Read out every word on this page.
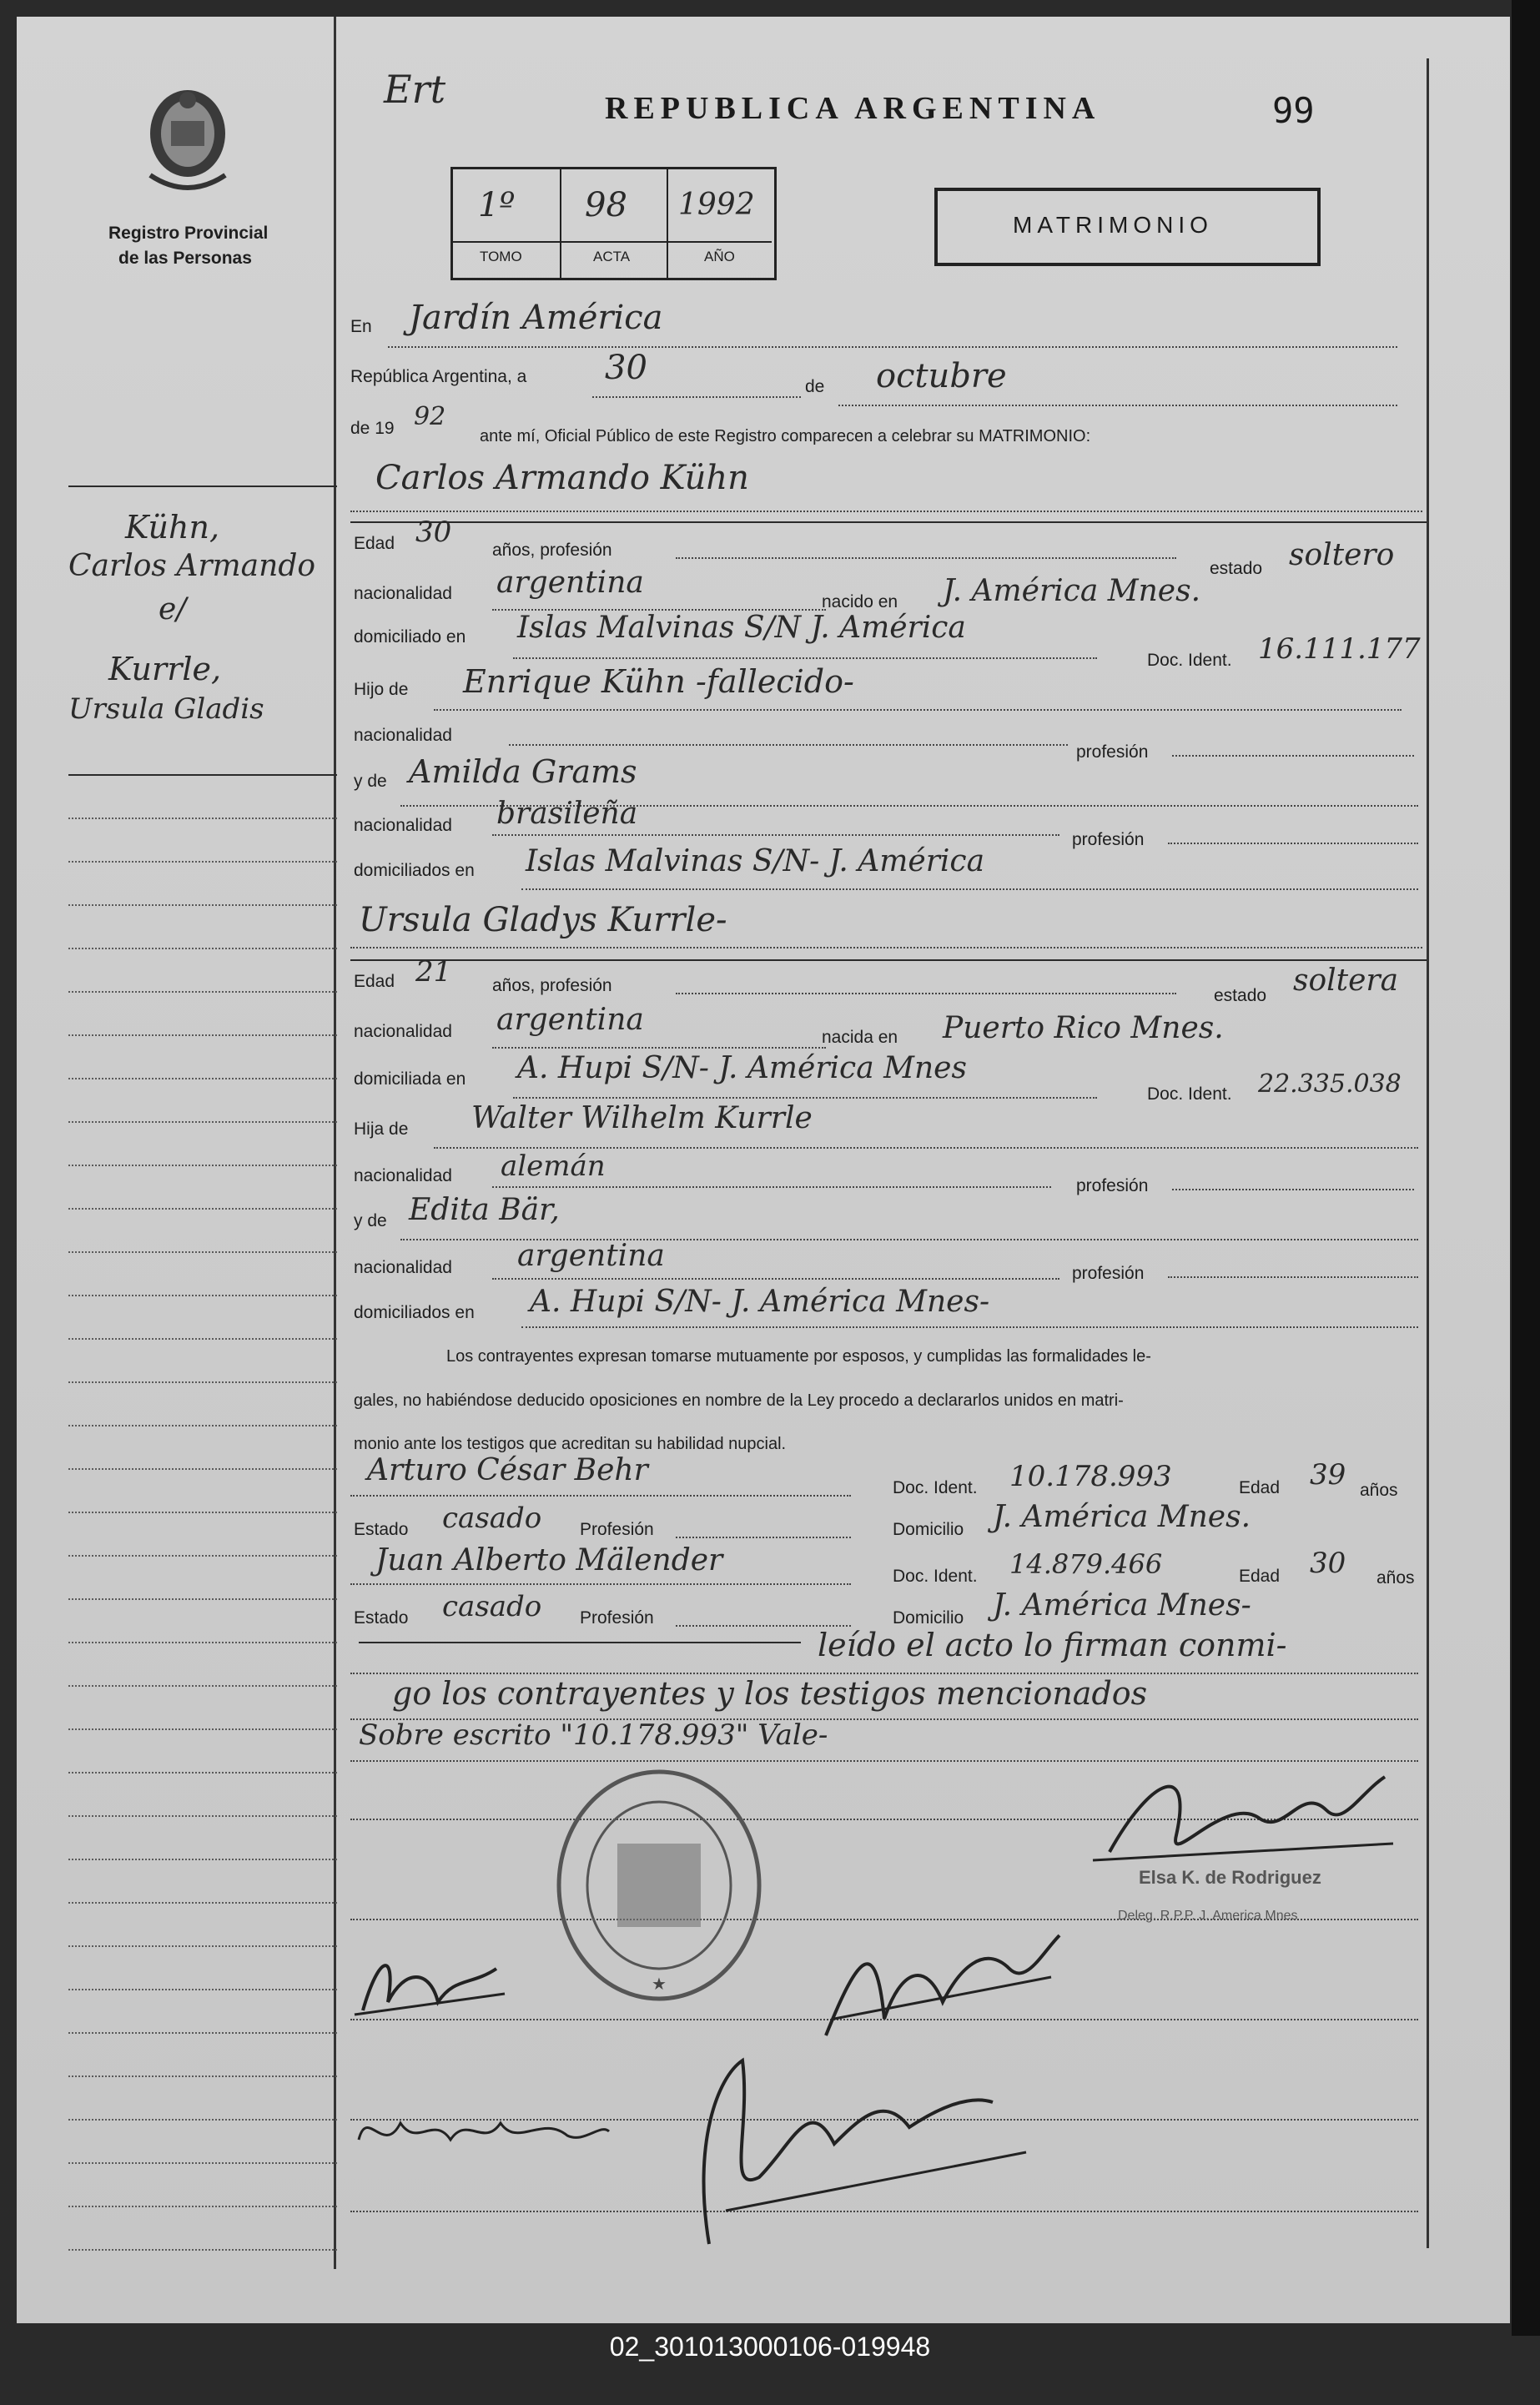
Registro Provincial
de las Personas
Kühn,
Carlos Armando
e/
Kurrle,
Ursula Gladis
Ert	REPUBLICA ARGENTINA	99
1º
TOMO
98
ACTA
1992
AÑO
MATRIMONIO
En Jardín América
República Argentina, a 30	de octubre
de 19 92
ante mí, Oficial Público de este Registro comparecen a celebrar su MATRIMONIO:
Carlos Armando Kühn
Edad 30
años, profesión
estado soltero
nacionalidad argentina
nacido en J. América Mnes.
domiciliado en Islas Malvinas S/N J. América
Doc. Ident. 16.111.177
Hijo de Enrique Kühn -fallecido-
nacionalidad
profesión
y de Amilda Grams
nacionalidad brasileña
profesión
domiciliados en Islas Malvinas S/N- J. América
Ursula Gladys Kurrle-
Edad 21 años, profesión
estado soltera
nacionalidad argentina
nacida en Puerto Rico Mnes.
domiciliada en A. Hupi S/N- J. América Mnes
Doc. Ident. 22.335.038
Hija de Walter Wilhelm Kurrle
nacionalidad alemán
profesión
y de Edita Bär,
nacionalidad argentina
profesión
domiciliados en A. Hupi S/N- J. América Mnes-
Los contrayentes expresan tomarse mutuamente por esposos, y cumplidas las formalidades le-
gales, no habiéndose deducido oposiciones en nombre de la Ley procedo a declararlos unidos en matri-
monio ante los testigos que acreditan su habilidad nupcial.
Arturo César Behr
Doc. Ident. 10.178.993	Edad 39 años
Estado casado Profesión	Domicilio J. América Mnes.
Juan Alberto Mälender	Doc. Ident. 14.879.466	Edad 30 años
Estado casado Profesión	Domicilio J. América Mnes-
leído el acto lo firman conmi-
go los contrayentes y los testigos mencionados
Sobre escrito "10.178.993" Vale-
Elsa K. de Rodriguez
Deleg. R.P.P. J. America Mnes
★
02_301013000106-019948
